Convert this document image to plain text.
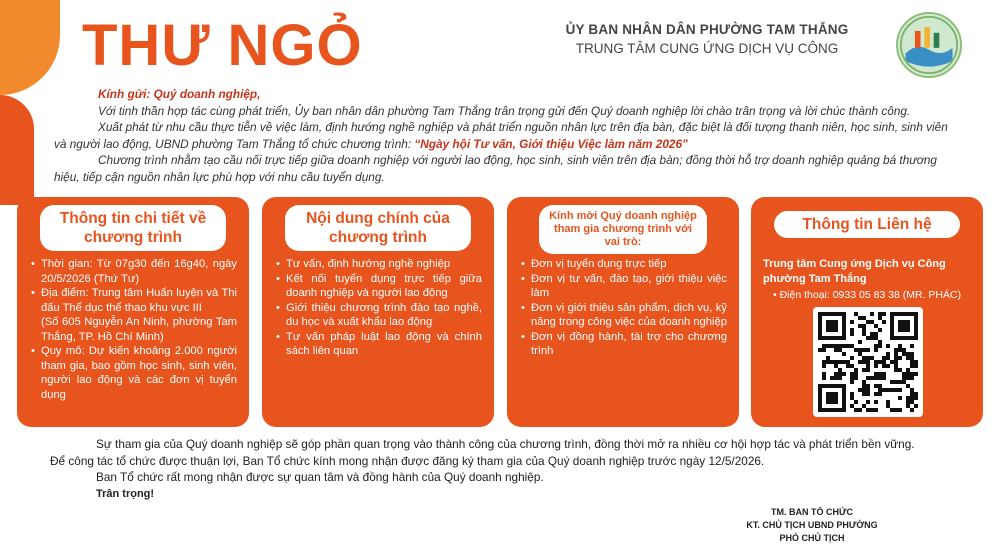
THƯ NGỎ	ỦY BAN NHÂN DÂN PHƯỜNG TAM THẮNG
TRUNG TÂM CUNG ỨNG DỊCH VỤ CÔNG

Kính gửi: Quý doanh nghiệp,

Với tinh thần hợp tác cùng phát triển, Ủy ban nhân dân phường Tam Thắng trân trọng gửi đến Quý doanh nghiệp lời chào trân trọng và lời chúc thành công.

Xuất phát từ nhu cầu thực tiễn về việc làm, định hướng nghề nghiệp và phát triển nguồn nhân lực trên địa bàn, đặc biệt là đối tượng thanh niên, học sinh, sinh viên và người lao động, UBND phường Tam Thắng tổ chức chương trình: “Ngày hội Tư vấn, Giới thiệu Việc làm năm 2026”

Chương trình nhằm tạo cầu nối trực tiếp giữa doanh nghiệp với người lao động, học sinh, sinh viên trên địa bàn; đồng thời hỗ trợ doanh nghiệp quảng bá thương hiệu, tiếp cận nguồn nhân lực phù hợp với nhu cầu tuyển dụng.

Thông tin chi tiết về chương trình
• Thời gian: Từ 07g30 đến 16g40, ngày 20/5/2026 (Thứ Tư)
• Địa điểm: Trung tâm Huấn luyện và Thi đấu Thể dục thể thao khu vực III
(Số 605 Nguyễn An Ninh, phường Tam Thắng, TP. Hồ Chí Minh)
• Quy mô: Dự kiến khoảng 2.000 người tham gia, bao gồm học sinh, sinh viên, người lao động và các đơn vị tuyển dụng
Nội dung chính của chương trình
• Tư vấn, định hướng nghề nghiệp
• Kết nối tuyển dụng trực tiếp giữa doanh nghiệp và người lao động
• Giới thiệu chương trình đào tạo nghề, du học và xuất khẩu lao động
• Tư vấn pháp luật lao động và chính sách liên quan
Kính mời Quý doanh nghiệp tham gia chương trình với vai trò:
• Đơn vị tuyển dụng trực tiếp
• Đơn vị tư vấn, đào tạo, giới thiệu việc làm
• Đơn vị giới thiệu sản phẩm, dịch vụ, kỹ năng trong công việc của doanh nghiệp
• Đơn vị đồng hành, tài trợ cho chương trình
Thông tin Liên hệ
Trung tâm Cung ứng Dịch vụ Công phường Tam Thắng
• Điện thoại: 0933 05 83 38 (MR. PHÁC)

Sự tham gia của Quý doanh nghiệp sẽ góp phần quan trọng vào thành công của chương trình, đồng thời mở ra nhiều cơ hội hợp tác và phát triển bền vững.

Để công tác tổ chức được thuận lợi, Ban Tổ chức kính mong nhận được đăng ký tham gia của Quý doanh nghiệp trước ngày 12/5/2026.

Ban Tổ chức rất mong nhận được sự quan tâm và đồng hành của Quý doanh nghiệp.

Trân trọng!

TM. BAN TỔ CHỨC
KT. CHỦ TỊCH UBND PHƯỜNG
PHÓ CHỦ TỊCH
